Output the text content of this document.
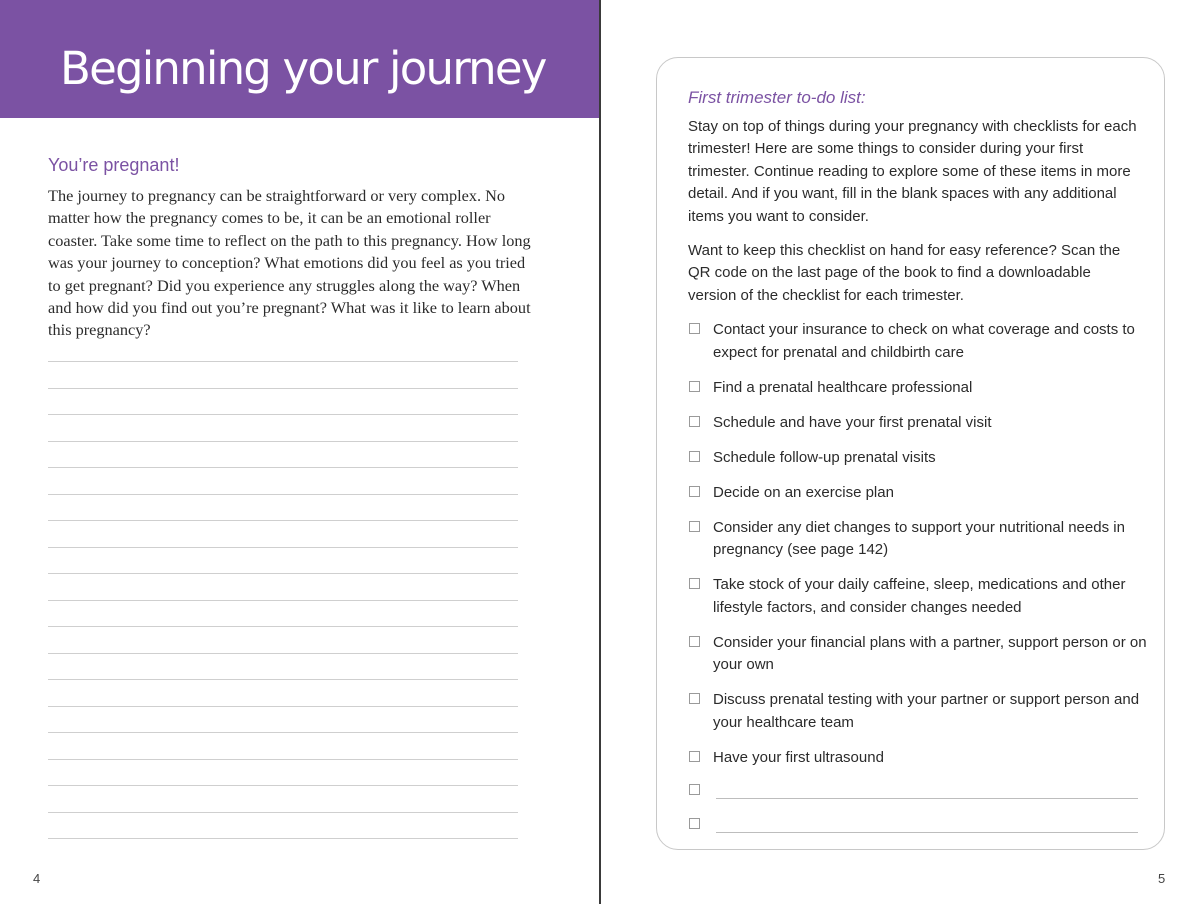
Beginning your journey
You’re pregnant!

The journey to pregnancy can be straightforward or very complex. No matter how the pregnancy comes to be, it can be an emotional roller coaster. Take some time to reflect on the path to this pregnancy. How long was your journey to conception? What emotions did you feel as you tried to get pregnant? Did you experience any struggles along the way? When and how did you find out you’re pregnant? What was it like to learn about this pregnancy?

4
First trimester to-do list:

Stay on top of things during your pregnancy with checklists for each trimester! Here are some things to consider during your first trimester. Continue reading to explore some of these items in more detail. And if you want, fill in the blank spaces with any additional items you want to consider.

Want to keep this checklist on hand for easy reference? Scan the QR code on the last page of the book to find a downloadable version of the checklist for each trimester.

Contact your insurance to check on what coverage and costs to expect for prenatal and childbirth care
Find a prenatal healthcare professional
Schedule and have your first prenatal visit
Schedule follow-up prenatal visits
Decide on an exercise plan
Consider any diet changes to support your nutritional needs in pregnancy (see page 142)
Take stock of your daily caffeine, sleep, medications and other lifestyle factors, and consider changes needed
Consider your financial plans with a partner, support person or on your own
Discuss prenatal testing with your partner or support person and your healthcare team
Have your first ultrasound
5
